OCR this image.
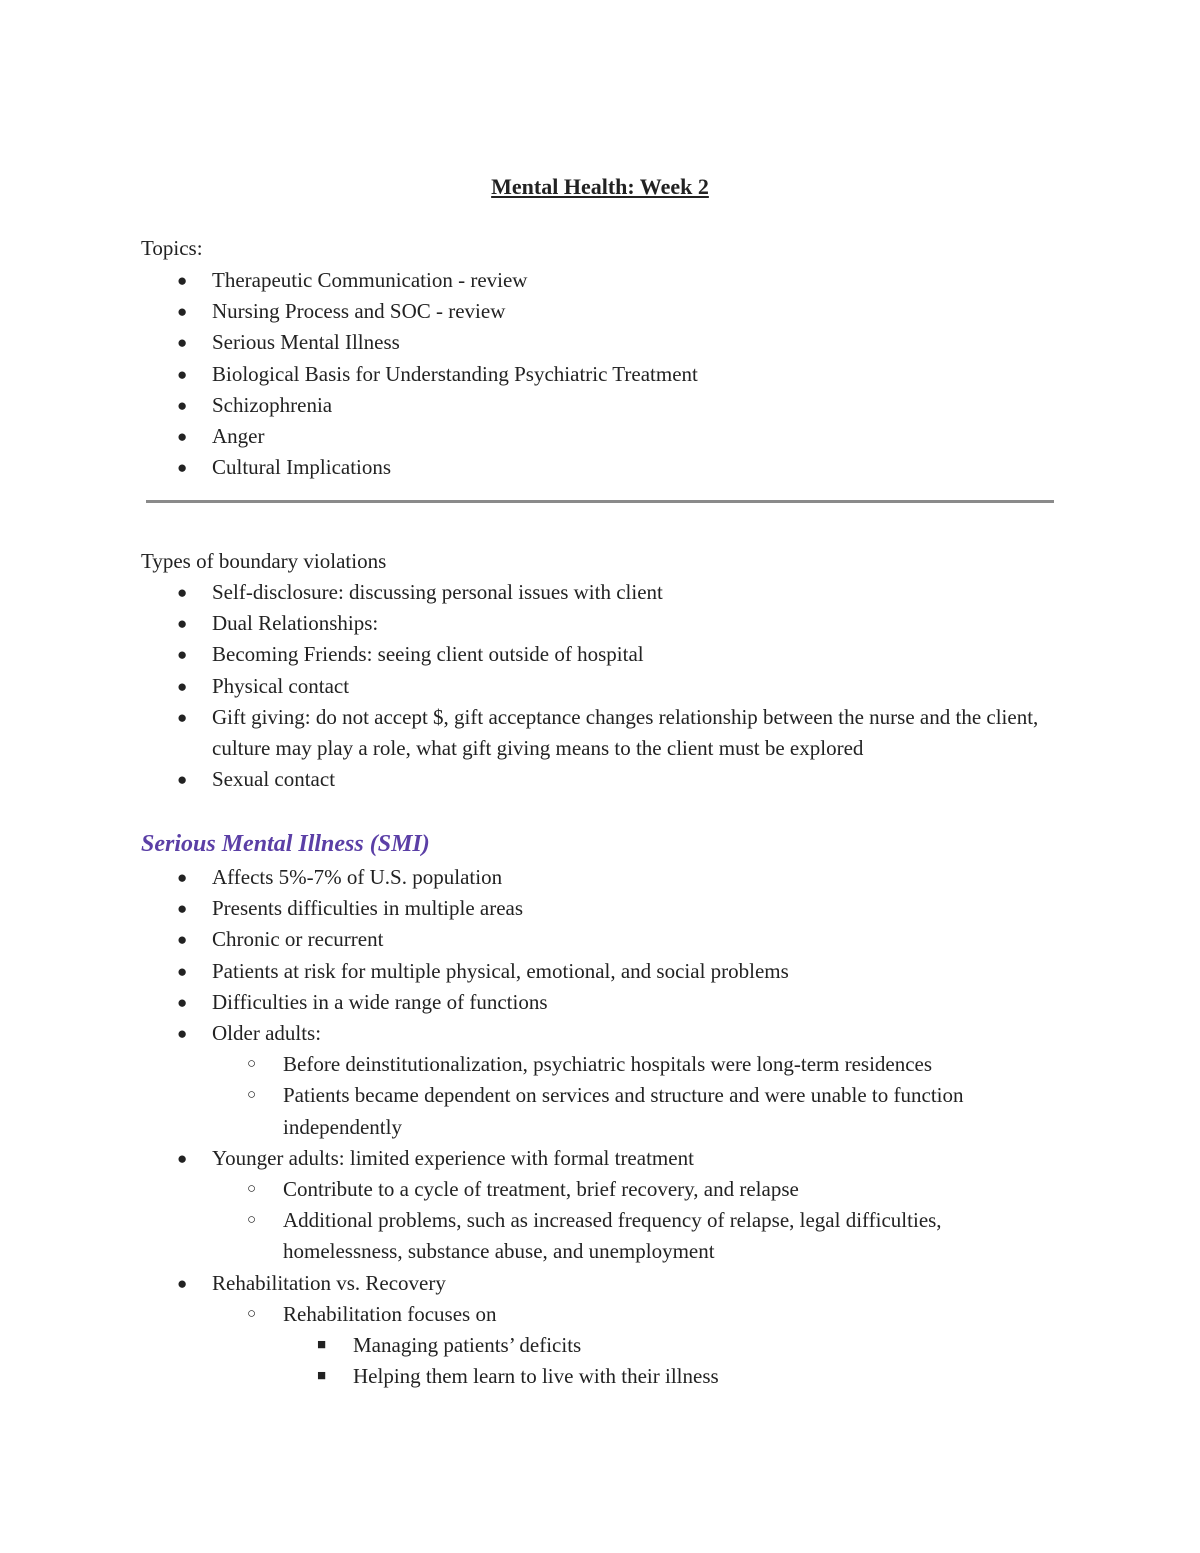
Mental Health: Week 2
Topics:
● Therapeutic Communication - review
● Nursing Process and SOC - review
● Serious Mental Illness
● Biological Basis for Understanding Psychiatric Treatment
● Schizophrenia
● Anger
● Cultural Implications
Types of boundary violations
● Self-disclosure: discussing personal issues with client
● Dual Relationships:
● Becoming Friends: seeing client outside of hospital
● Physical contact
● Gift giving: do not accept $, gift acceptance changes relationship between the nurse and the client, culture may play a role, what gift giving means to the client must be explored
● Sexual contact
Serious Mental Illness (SMI)
● Affects 5%-7% of U.S. population
● Presents difficulties in multiple areas
● Chronic or recurrent
● Patients at risk for multiple physical, emotional, and social problems
● Difficulties in a wide range of functions
● Older adults:
○ Before deinstitutionalization, psychiatric hospitals were long-term residences
○ Patients became dependent on services and structure and were unable to function independently
● Younger adults: limited experience with formal treatment
○ Contribute to a cycle of treatment, brief recovery, and relapse
○ Additional problems, such as increased frequency of relapse, legal difficulties, homelessness, substance abuse, and unemployment
● Rehabilitation vs. Recovery
○ Rehabilitation focuses on
■ Managing patients’ deficits
■ Helping them learn to live with their illness
